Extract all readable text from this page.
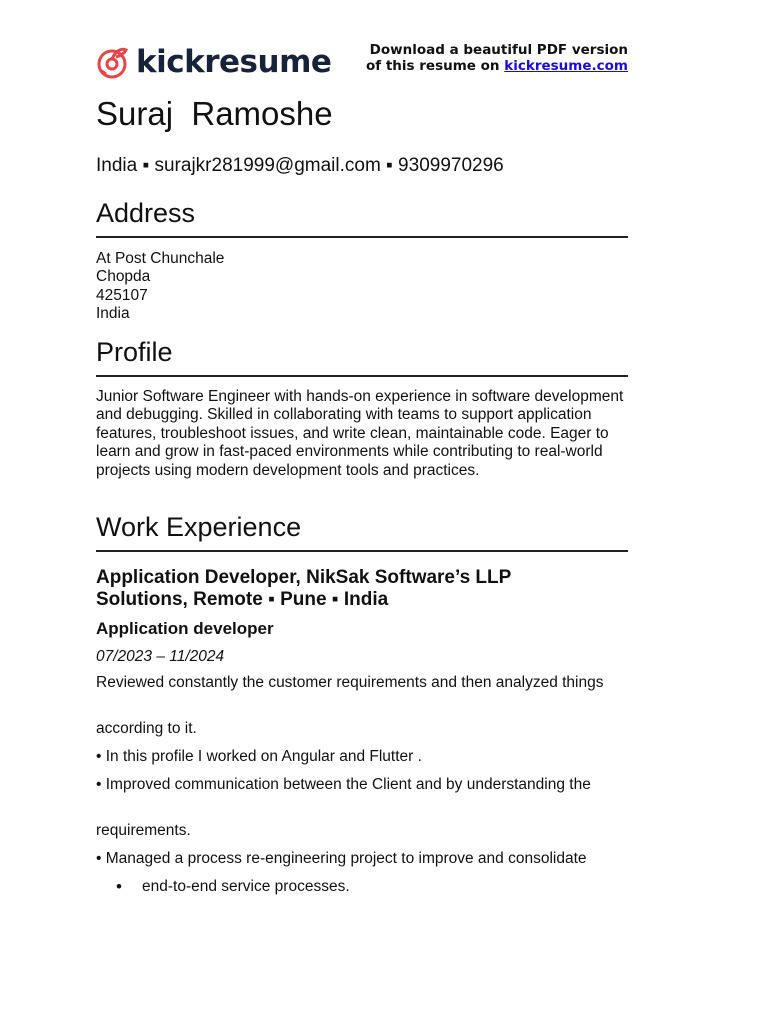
kickresume	Download a beautiful PDF version
of this resume on kickresume.com
Suraj  Ramoshe
India ▪ surajkr281999@gmail.com ▪ 9309970296
Address
At Post Chunchale
Chopda
425107
India
Profile
Junior Software Engineer with hands-on experience in software development and debugging. Skilled in collaborating with teams to support application features, troubleshoot issues, and write clean, maintainable code. Eager to learn and grow in fast-paced environments while contributing to real-world projects using modern development tools and practices.
Work Experience
Application Developer, NikSak Software’s LLP Solutions, Remote ▪ Pune ▪ India
Application developer
07/2023 – 11/2024
Reviewed constantly the customer requirements and then analyzed things
according to it.
• In this profile I worked on Angular and Flutter .
• Improved communication between the Client and by understanding the
requirements.
• Managed a process re-engineering project to improve and consolidate
• end-to-end service processes.
